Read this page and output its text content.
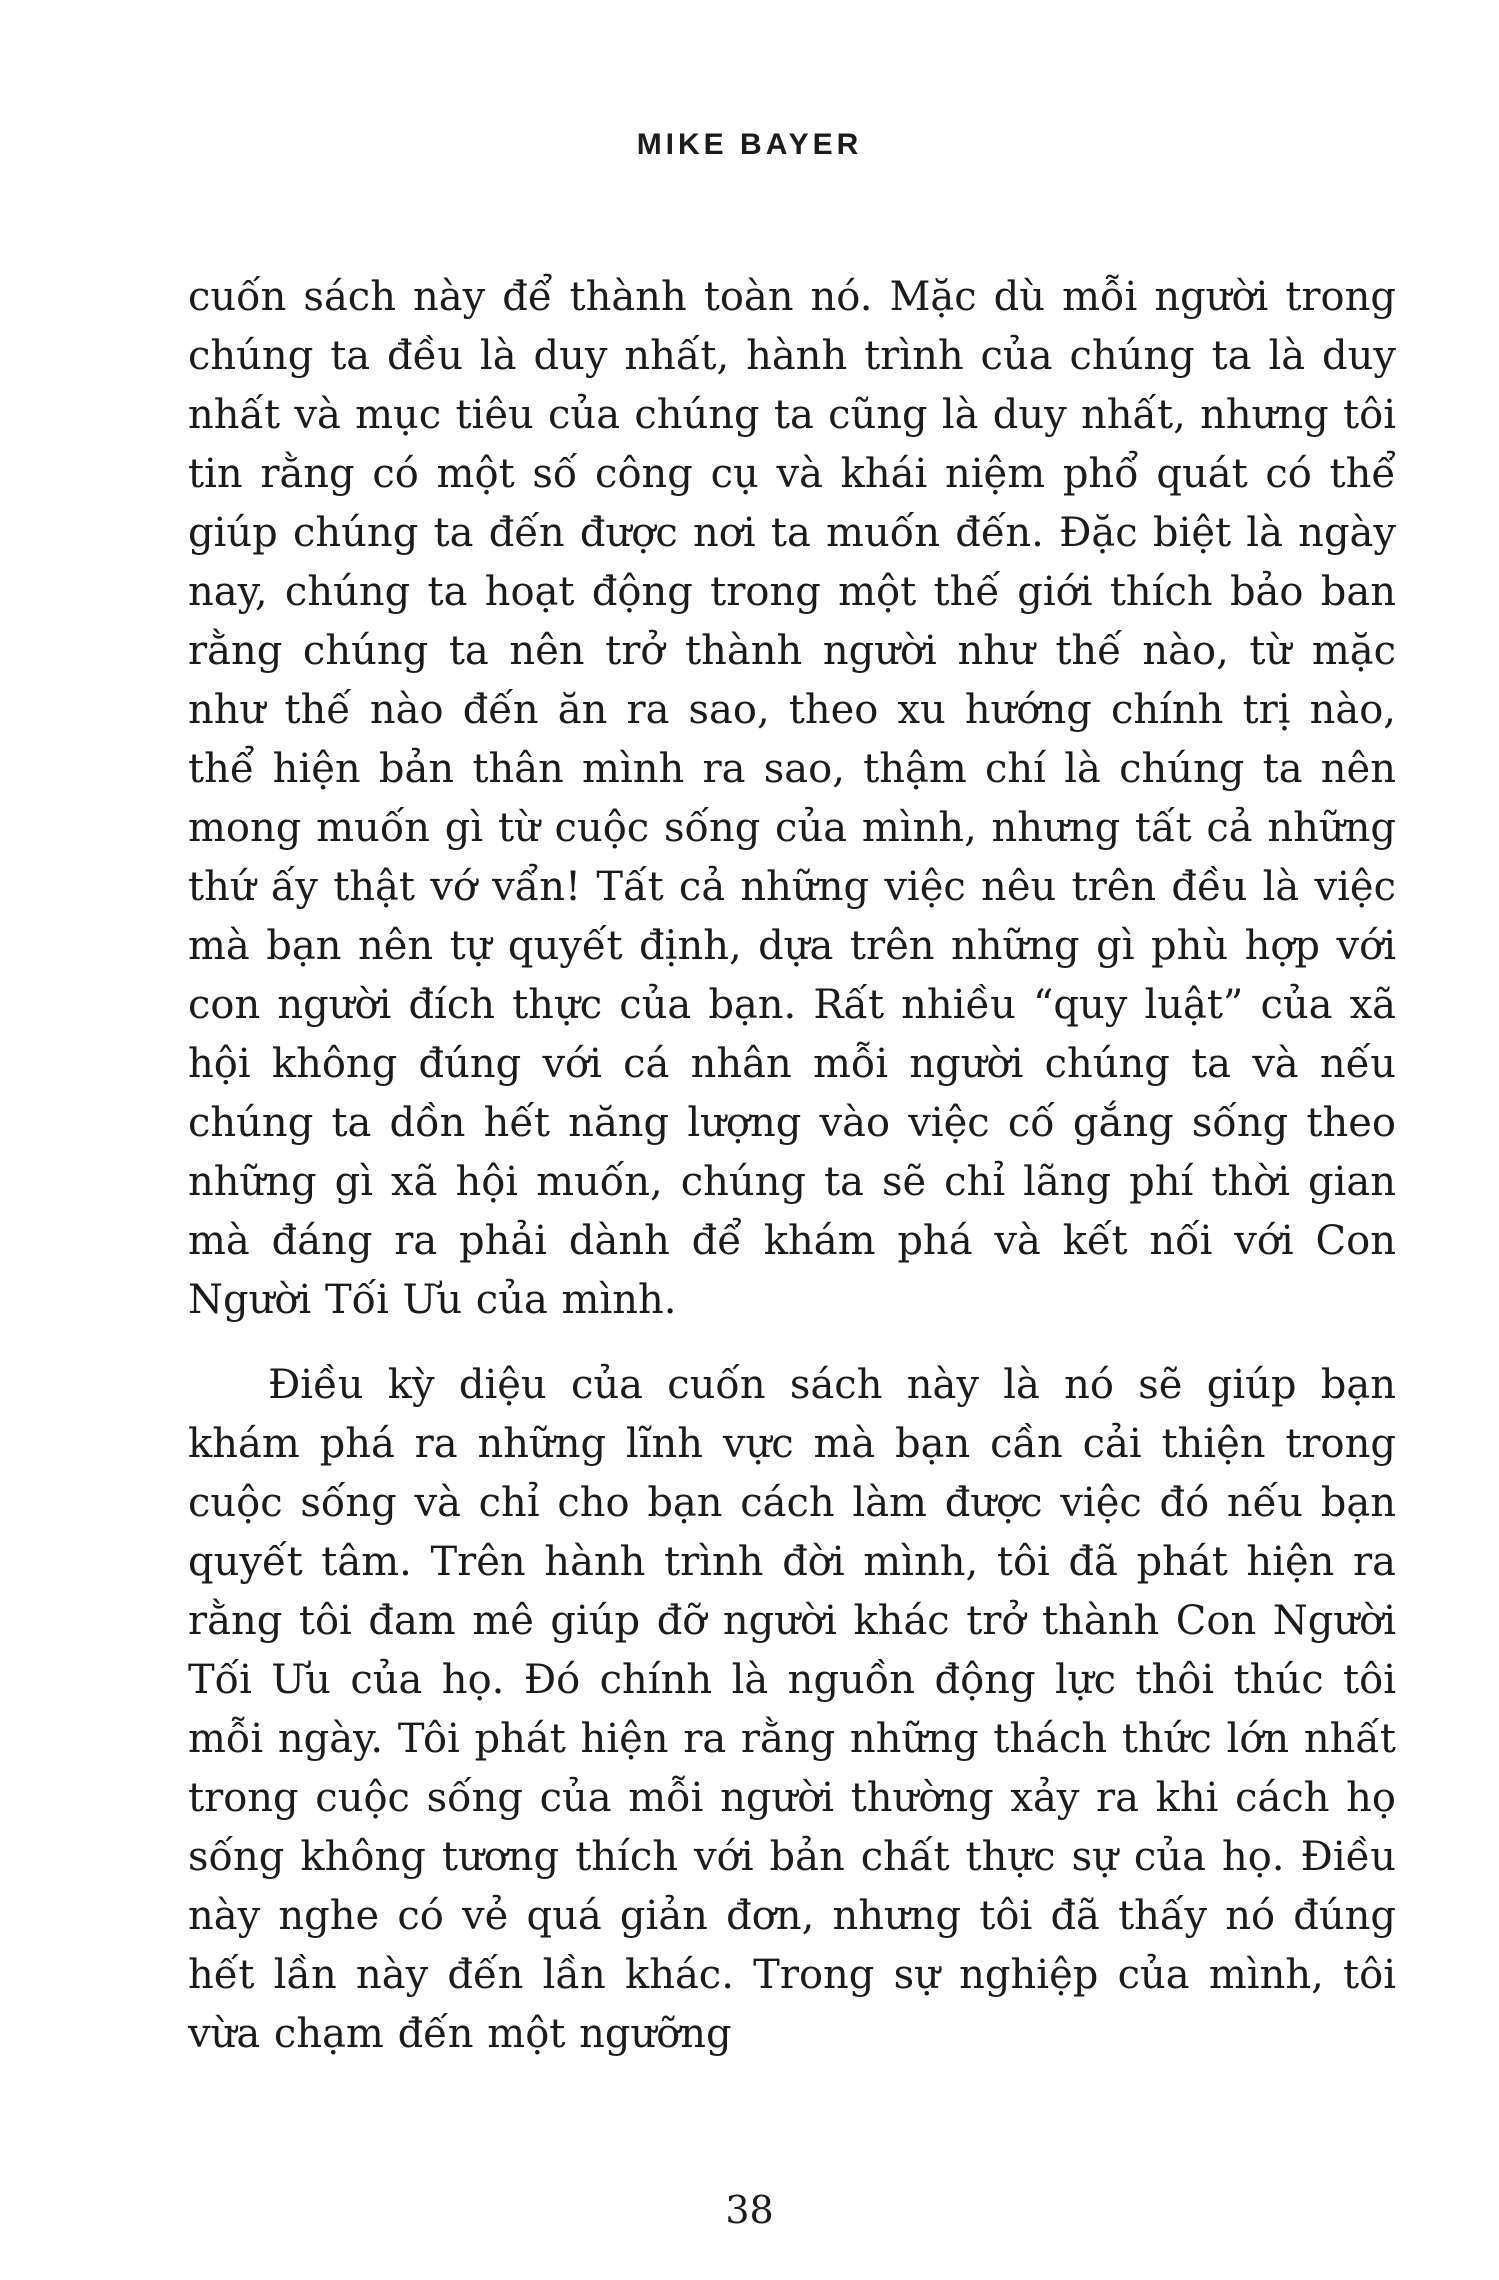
MIKE BAYER

cuốn sách này để thành toàn nó. Mặc dù mỗi người trong chúng ta đều là duy nhất, hành trình của chúng ta là duy nhất và mục tiêu của chúng ta cũng là duy nhất, nhưng tôi tin rằng có một số công cụ và khái niệm phổ quát có thể giúp chúng ta đến được nơi ta muốn đến. Đặc biệt là ngày nay, chúng ta hoạt động trong một thế giới thích bảo ban rằng chúng ta nên trở thành người như thế nào, từ mặc như thế nào đến ăn ra sao, theo xu hướng chính trị nào, thể hiện bản thân mình ra sao, thậm chí là chúng ta nên mong muốn gì từ cuộc sống của mình, nhưng tất cả những thứ ấy thật vớ vẩn! Tất cả những việc nêu trên đều là việc mà bạn nên tự quyết định, dựa trên những gì phù hợp với con người đích thực của bạn. Rất nhiều “quy luật” của xã hội không đúng với cá nhân mỗi người chúng ta và nếu chúng ta dồn hết năng lượng vào việc cố gắng sống theo những gì xã hội muốn, chúng ta sẽ chỉ lãng phí thời gian mà đáng ra phải dành để khám phá và kết nối với Con Người Tối Ưu của mình.

Điều kỳ diệu của cuốn sách này là nó sẽ giúp bạn khám phá ra những lĩnh vực mà bạn cần cải thiện trong cuộc sống và chỉ cho bạn cách làm được việc đó nếu bạn quyết tâm. Trên hành trình đời mình, tôi đã phát hiện ra rằng tôi đam mê giúp đỡ người khác trở thành Con Người Tối Ưu của họ. Đó chính là nguồn động lực thôi thúc tôi mỗi ngày. Tôi phát hiện ra rằng những thách thức lớn nhất trong cuộc sống của mỗi người thường xảy ra khi cách họ sống không tương thích với bản chất thực sự của họ. Điều này nghe có vẻ quá giản đơn, nhưng tôi đã thấy nó đúng hết lần này đến lần khác. Trong sự nghiệp của mình, tôi vừa chạm đến một ngưỡng

38
